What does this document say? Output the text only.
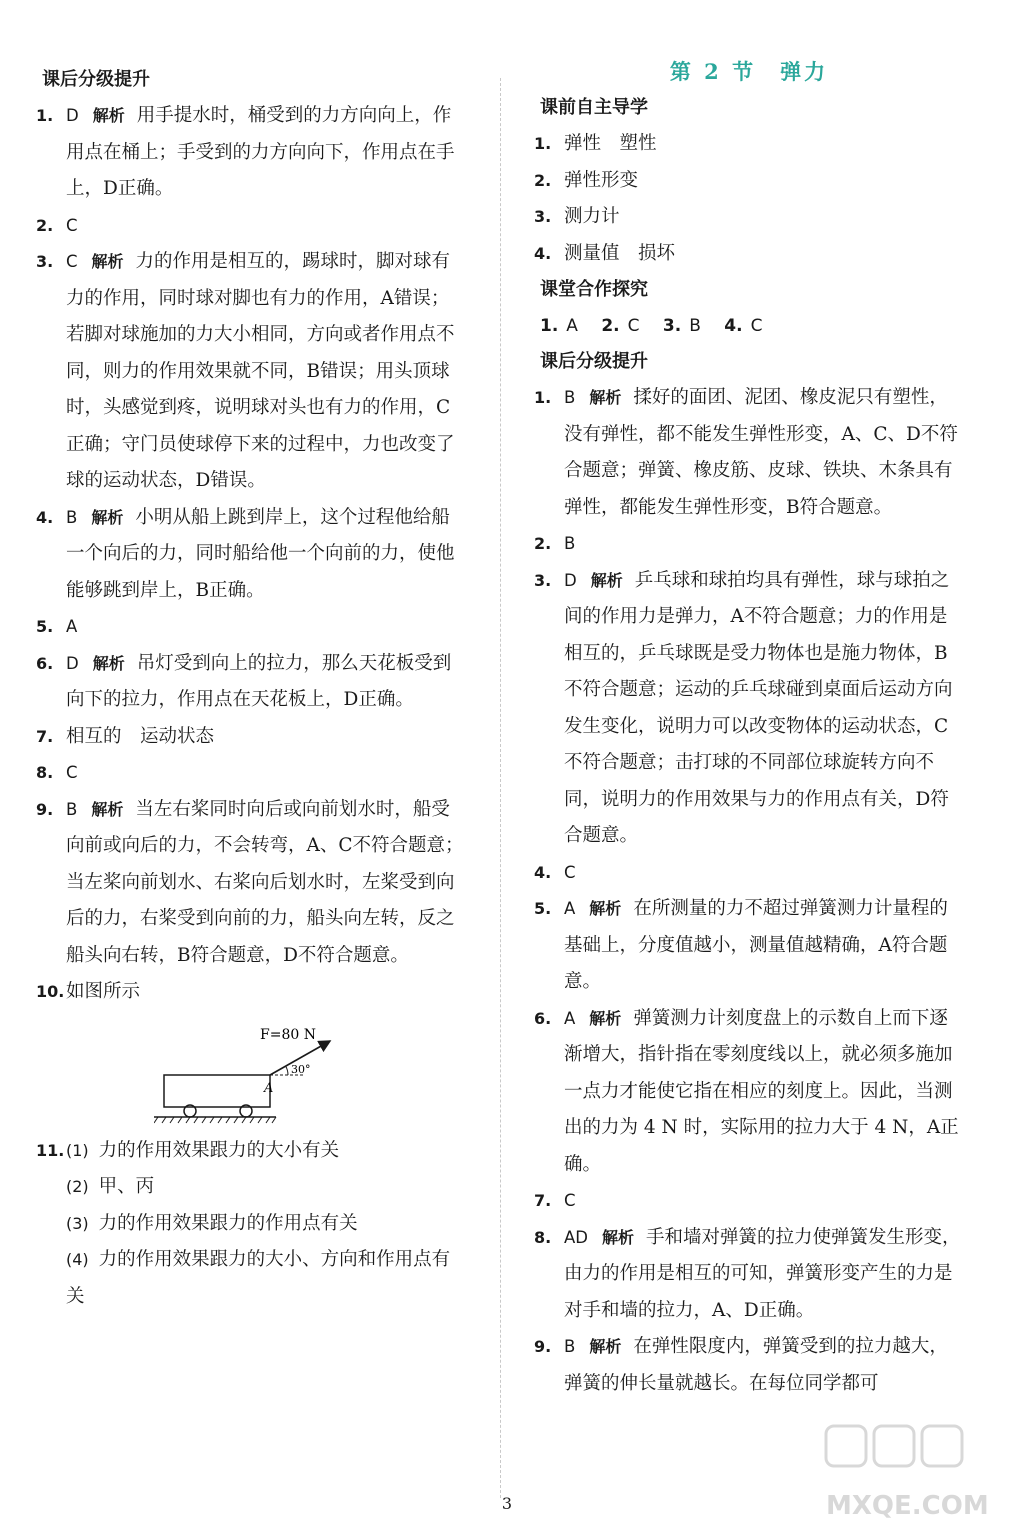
课后分级提升
1. D 解析 用手提水时，桶受到的力方向向上，作用点在桶上；手受到的力方向向下，作用点在手上，D正确。
2. C
3. C 解析 力的作用是相互的，踢球时，脚对球有力的作用，同时球对脚也有力的作用，A错误；若脚对球施加的力大小相同，方向或者作用点不同，则力的作用效果就不同，B错误；用头顶球时，头感觉到疼，说明球对头也有力的作用，C正确；守门员使球停下来的过程中，力也改变了球的运动状态，D错误。
4. B 解析 小明从船上跳到岸上，这个过程他给船一个向后的力，同时船给他一个向前的力，使他能够跳到岸上，B正确。
5. A
6. D 解析 吊灯受到向上的拉力，那么天花板受到向下的拉力，作用点在天花板上，D正确。
7. 相互的　运动状态
8. C
9. B 解析 当左右桨同时向后或向前划水时，船受向前或向后的力，不会转弯，A、C不符合题意；当左桨向前划水、右桨向后划水时，左桨受到向后的力，右桨受到向前的力，船头向左转，反之船头向右转，B符合题意，D不符合题意。
10. 如图所示
30°
F=80 N
A
11. (1) 力的作用效果跟力的大小有关
(2) 甲、丙
(3) 力的作用效果跟力的作用点有关
(4) 力的作用效果跟力的大小、方向和作用点有关
第 2 节　弹力
课前自主导学
1. 弹性　塑性
2. 弹性形变
3. 测力计
4. 测量值　损坏
课堂合作探究
1. A 2. C 3. B 4. C
课后分级提升
1. B 解析 揉好的面团、泥团、橡皮泥只有塑性，没有弹性，都不能发生弹性形变，A、C、D不符合题意；弹簧、橡皮筋、皮球、铁块、木条具有弹性，都能发生弹性形变，B符合题意。
2. B
3. D 解析 乒乓球和球拍均具有弹性，球与球拍之间的作用力是弹力，A不符合题意；力的作用是相互的，乒乓球既是受力物体也是施力物体，B不符合题意；运动的乒乓球碰到桌面后运动方向发生变化，说明力可以改变物体的运动状态，C不符合题意；击打球的不同部位球旋转方向不同，说明力的作用效果与力的作用点有关，D符合题意。
4. C
5. A 解析 在所测量的力不超过弹簧测力计量程的基础上，分度值越小，测量值越精确，A符合题意。
6. A 解析 弹簧测力计刻度盘上的示数自上而下逐渐增大，指针指在零刻度线以上，就必须多施加一点力才能使它指在相应的刻度上。因此，当测出的力为 4 N 时，实际用的拉力大于 4 N，A正确。
7. C
8. AD 解析 手和墙对弹簧的拉力使弹簧发生形变，由力的作用是相互的可知，弹簧形变产生的力是对手和墙的拉力，A、D正确。
9. B 解析 在弹性限度内，弹簧受到的拉力越大，弹簧的伸长量就越长。在每位同学都可
3	MXQE.COM
